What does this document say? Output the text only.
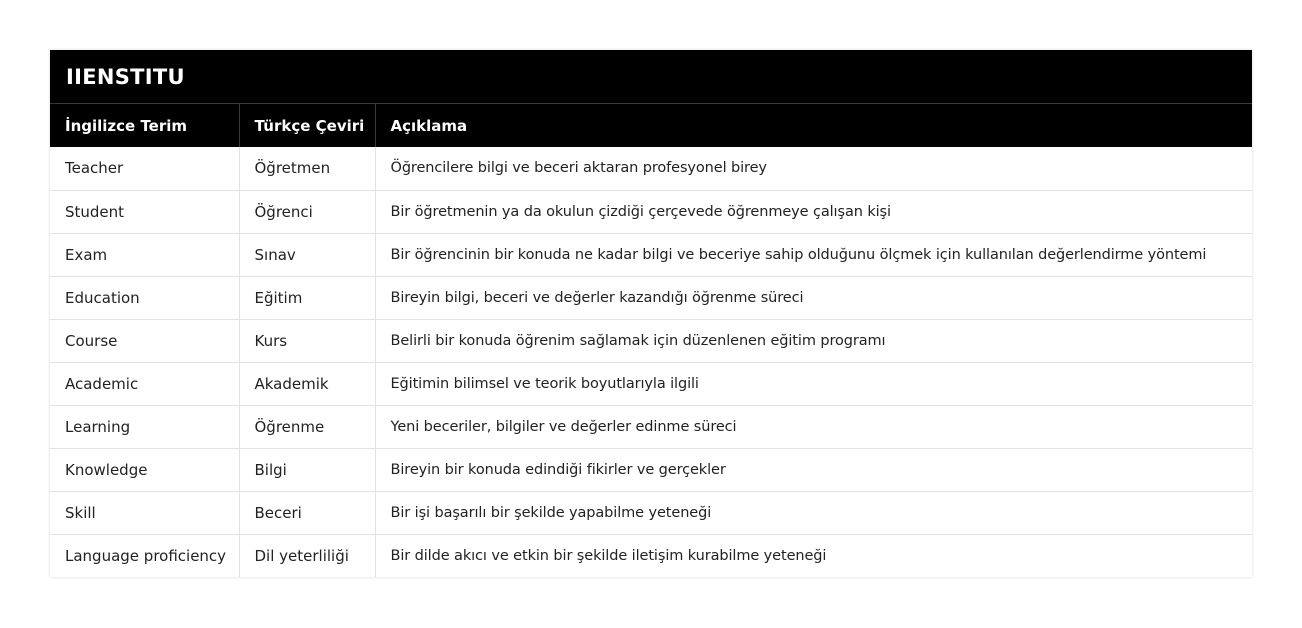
IIENSTITU
İngilizce Terim	Türkçe Çeviri	Açıklama
Teacher	Öğretmen	Öğrencilere bilgi ve beceri aktaran profesyonel birey
Student	Öğrenci	Bir öğretmenin ya da okulun çizdiği çerçevede öğrenmeye çalışan kişi
Exam	Sınav	Bir öğrencinin bir konuda ne kadar bilgi ve beceriye sahip olduğunu ölçmek için kullanılan değerlendirme yöntemi
Education	Eğitim	Bireyin bilgi, beceri ve değerler kazandığı öğrenme süreci
Course	Kurs	Belirli bir konuda öğrenim sağlamak için düzenlenen eğitim programı
Academic	Akademik	Eğitimin bilimsel ve teorik boyutlarıyla ilgili
Learning	Öğrenme	Yeni beceriler, bilgiler ve değerler edinme süreci
Knowledge	Bilgi	Bireyin bir konuda edindiği fikirler ve gerçekler
Skill	Beceri	Bir işi başarılı bir şekilde yapabilme yeteneği
Language proficiency	Dil yeterliliği	Bir dilde akıcı ve etkin bir şekilde iletişim kurabilme yeteneği
